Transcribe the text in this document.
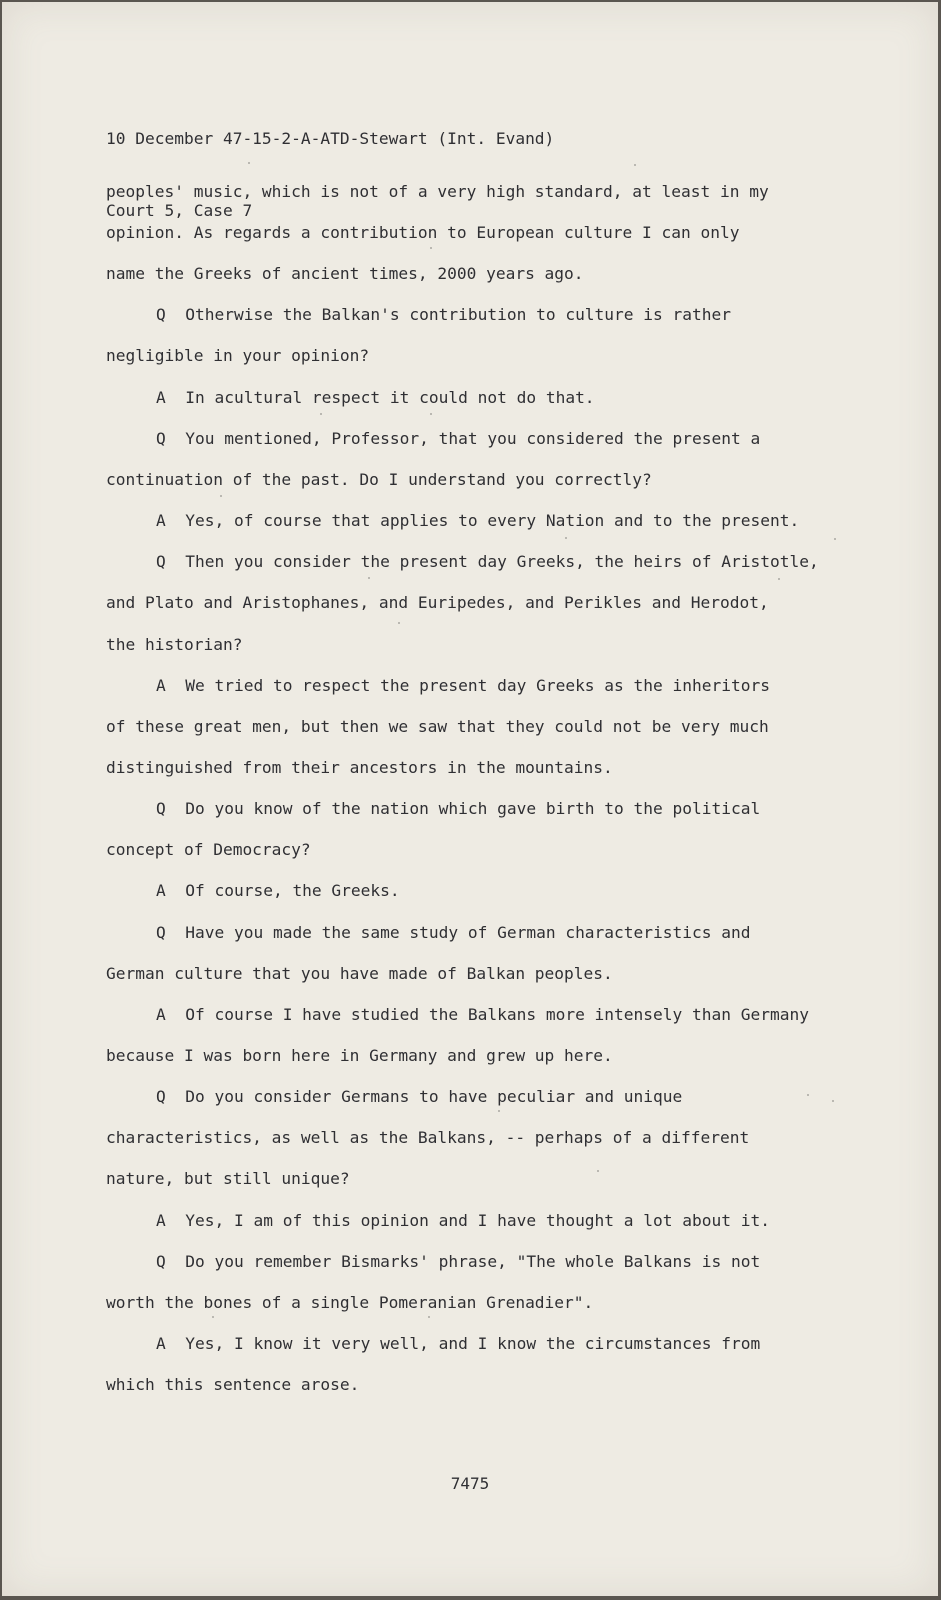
10 December 47-15-2-A-ATD-Stewart (Int. Evand)

Court 5, Case 7

peoples' music, which is not of a very high standard, at least in my
opinion. As regards a contribution to European culture I can only
name the Greeks of ancient times, 2000 years ago.
Q  Otherwise the Balkan's contribution to culture is rather
negligible in your opinion?
A  In acultural respect it could not do that.
Q  You mentioned, Professor, that you considered the present a
continuation of the past. Do I understand you correctly?
A  Yes, of course that applies to every Nation and to the present.
Q  Then you consider the present day Greeks, the heirs of Aristotle,
and Plato and Aristophanes, and Euripedes, and Perikles and Herodot,
the historian?
A  We tried to respect the present day Greeks as the inheritors
of these great men, but then we saw that they could not be very much
distinguished from their ancestors in the mountains.
Q  Do you know of the nation which gave birth to the political
concept of Democracy?
A  Of course, the Greeks.
Q  Have you made the same study of German characteristics and
German culture that you have made of Balkan peoples.
A  Of course I have studied the Balkans more intensely than Germany
because I was born here in Germany and grew up here.
Q  Do you consider Germans to have peculiar and unique
characteristics, as well as the Balkans, -- perhaps of a different
nature, but still unique?
A  Yes, I am of this opinion and I have thought a lot about it.
Q  Do you remember Bismarks' phrase, "The whole Balkans is not
worth the bones of a single Pomeranian Grenadier".
A  Yes, I know it very well, and I know the circumstances from
which this sentence arose.
7475
